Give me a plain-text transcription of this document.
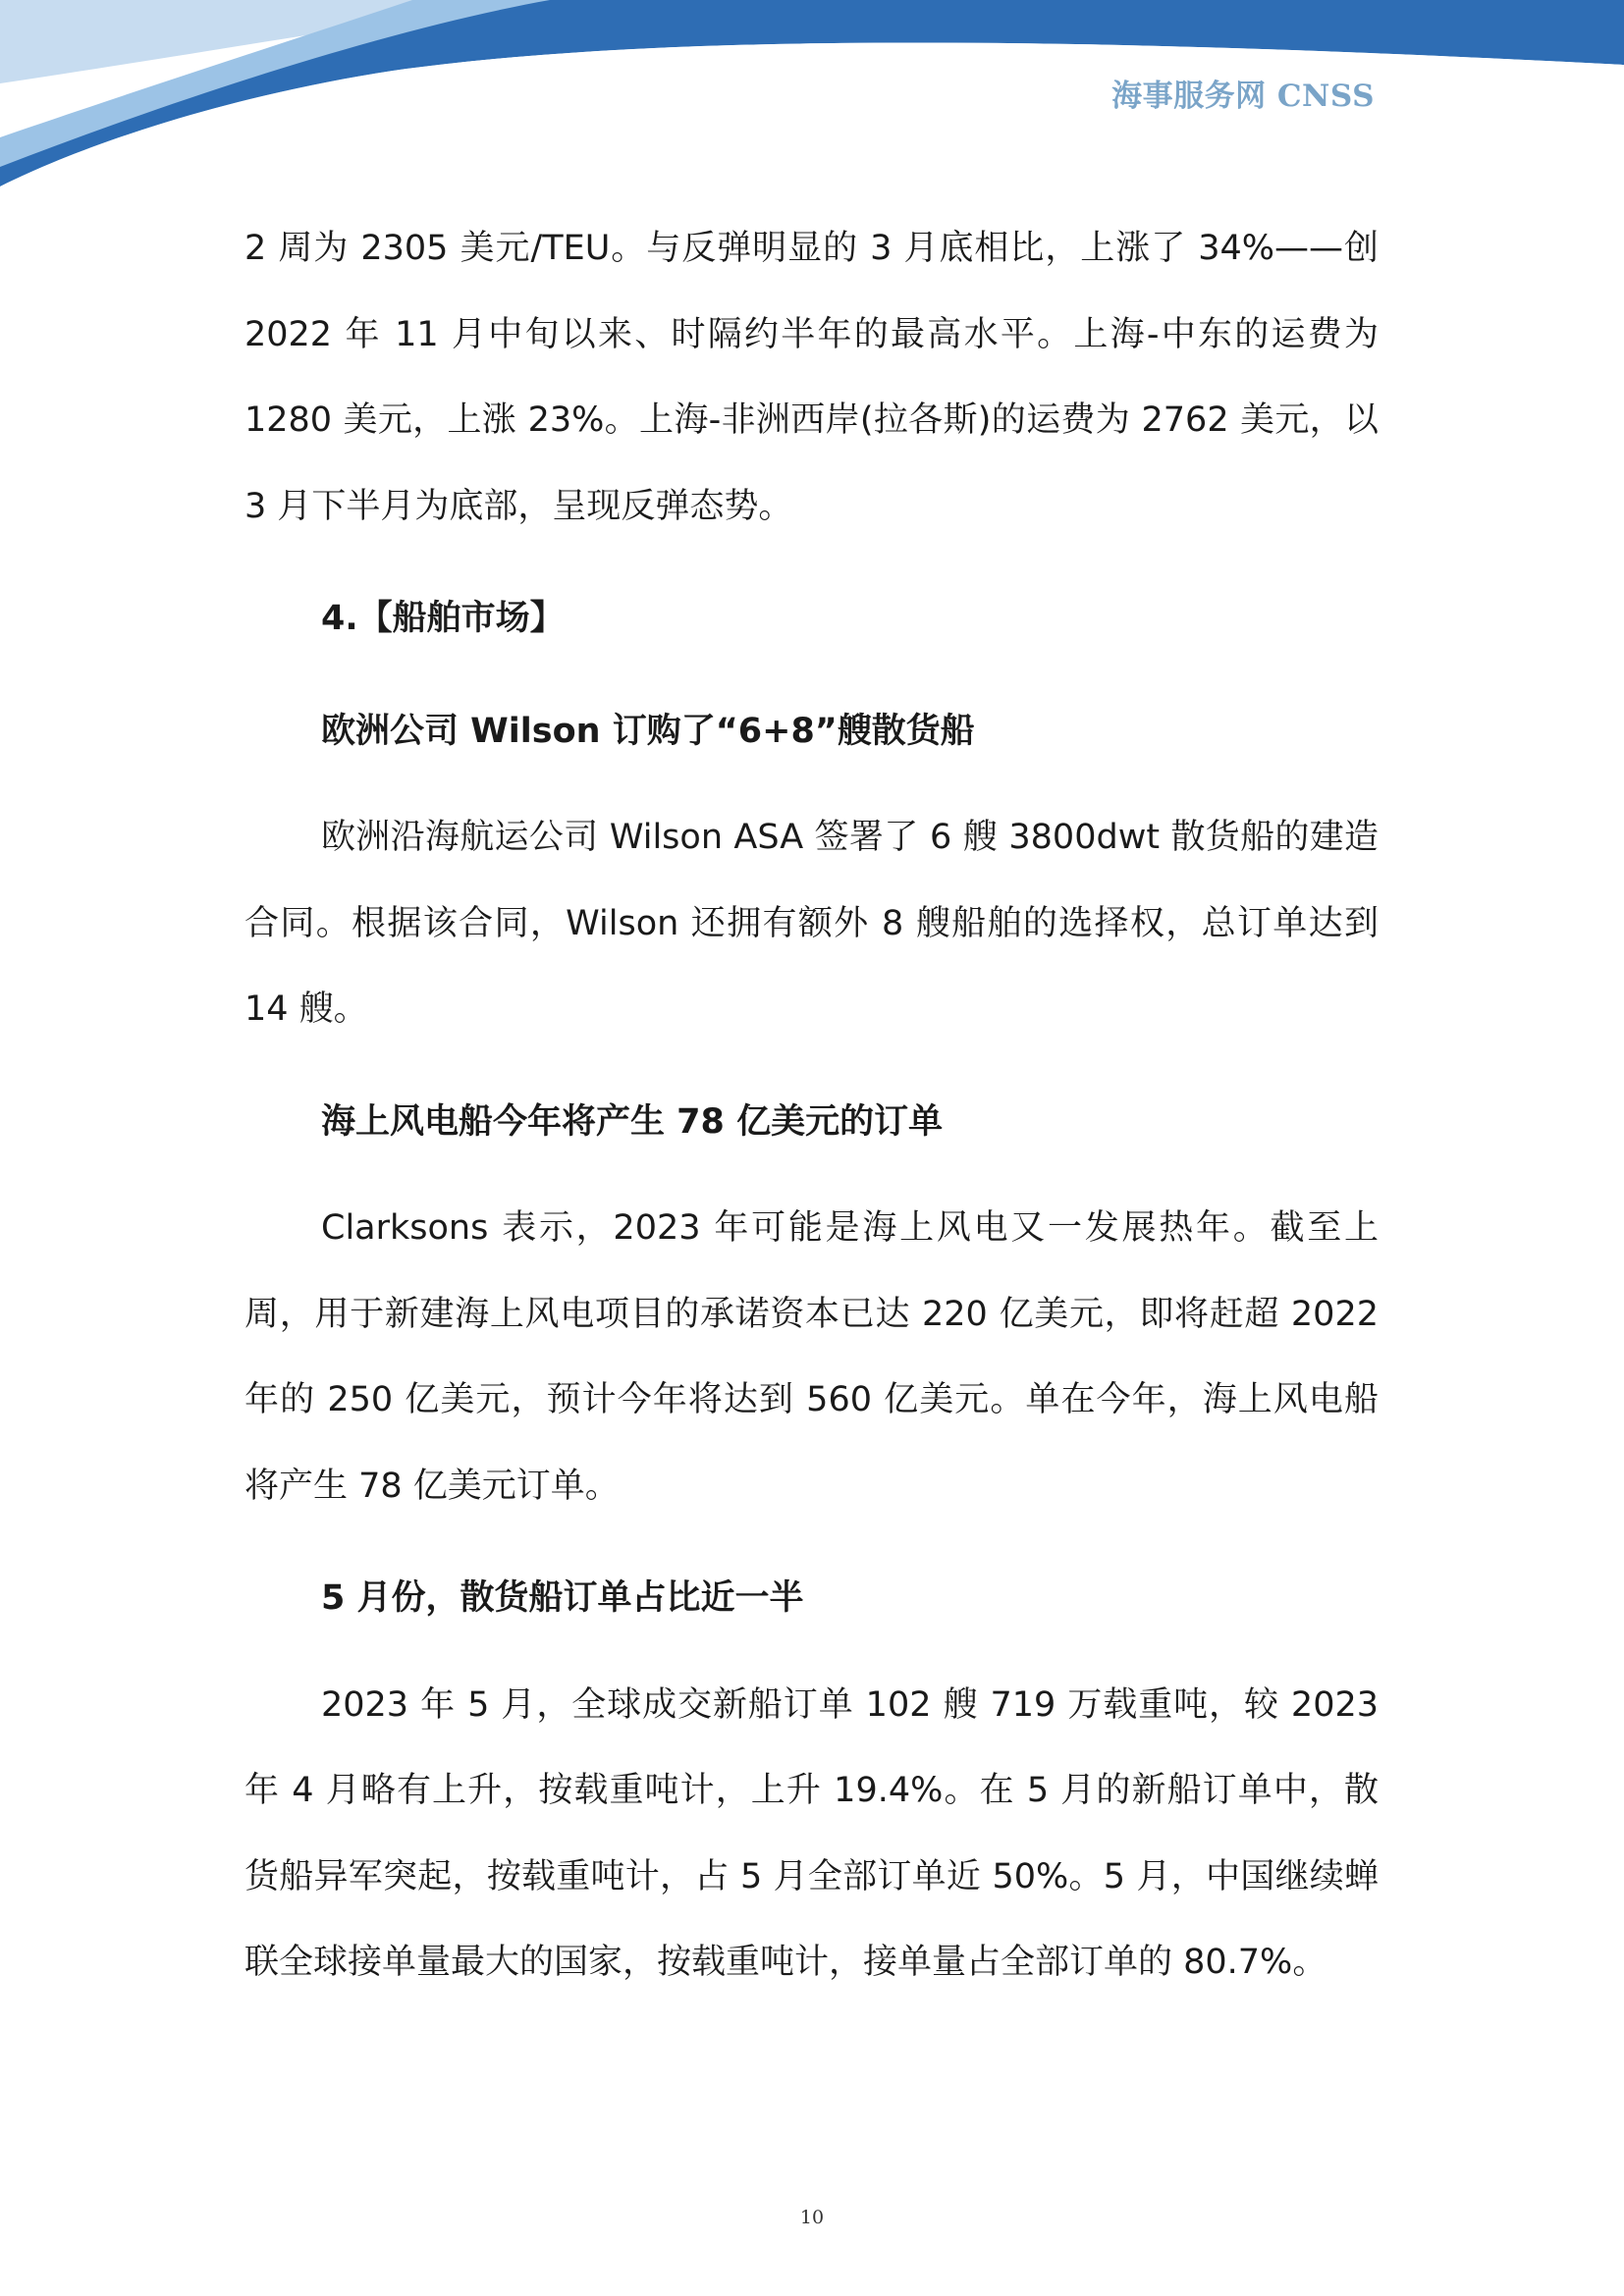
海事服务网 CNSS

2 周为 2305 美元/TEU。与反弹明显的 3 月底相比，上涨了 34%——创 2022 年 11 月中旬以来、时隔约半年的最高水平。上海-中东的运费为 1280 美元，上涨 23%。上海-非洲西岸(拉各斯)的运费为 2762 美元，以 3 月下半月为底部，呈现反弹态势。

4.【船舶市场】
欧洲公司 Wilson 订购了“6+8”艘散货船

欧洲沿海航运公司 Wilson ASA 签署了 6 艘 3800dwt 散货船的建造合同。根据该合同，Wilson 还拥有额外 8 艘船舶的选择权，总订单达到 14 艘。

海上风电船今年将产生 78 亿美元的订单

Clarksons 表示，2023 年可能是海上风电又一发展热年。截至上周，用于新建海上风电项目的承诺资本已达 220 亿美元，即将赶超 2022 年的 250 亿美元，预计今年将达到 560 亿美元。单在今年，海上风电船将产生 78 亿美元订单。

5 月份，散货船订单占比近一半

2023 年 5 月，全球成交新船订单 102 艘 719 万载重吨，较 2023 年 4 月略有上升，按载重吨计，上升 19.4%。在 5 月的新船订单中，散货船异军突起，按载重吨计，占 5 月全部订单近 50%。5 月，中国继续蝉联全球接单量最大的国家，按载重吨计，接单量占全部订单的 80.7%。

10
